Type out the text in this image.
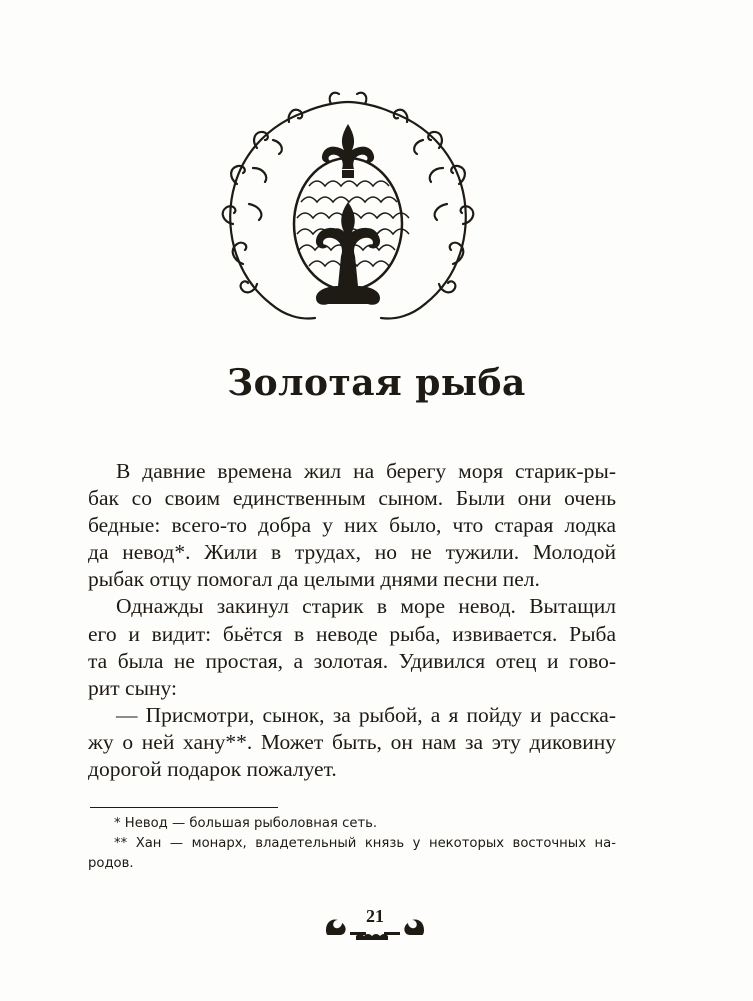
Золотая рыба
В давние времена жил на берегу моря старик-ры-
бак со своим единственным сыном. Были они очень
бедные: всего-то добра у них было, что старая лодка
да невод*. Жили в трудах, но не тужили. Молодой
рыбак отцу помогал да целыми днями песни пел.
Однажды закинул старик в море невод. Вытащил
его и видит: бьётся в неводе рыба, извивается. Рыба
та была не простая, а золотая. Удивился отец и гово-
рит сыну:
— Присмотри, сынок, за рыбой, а я пойду и расска-
жу о ней хану**. Может быть, он нам за эту диковину
дорогой подарок пожалует.
* Невод — большая рыболовная сеть.
** Хан — монарх, владетельный князь у некоторых восточных на-
родов.
21
